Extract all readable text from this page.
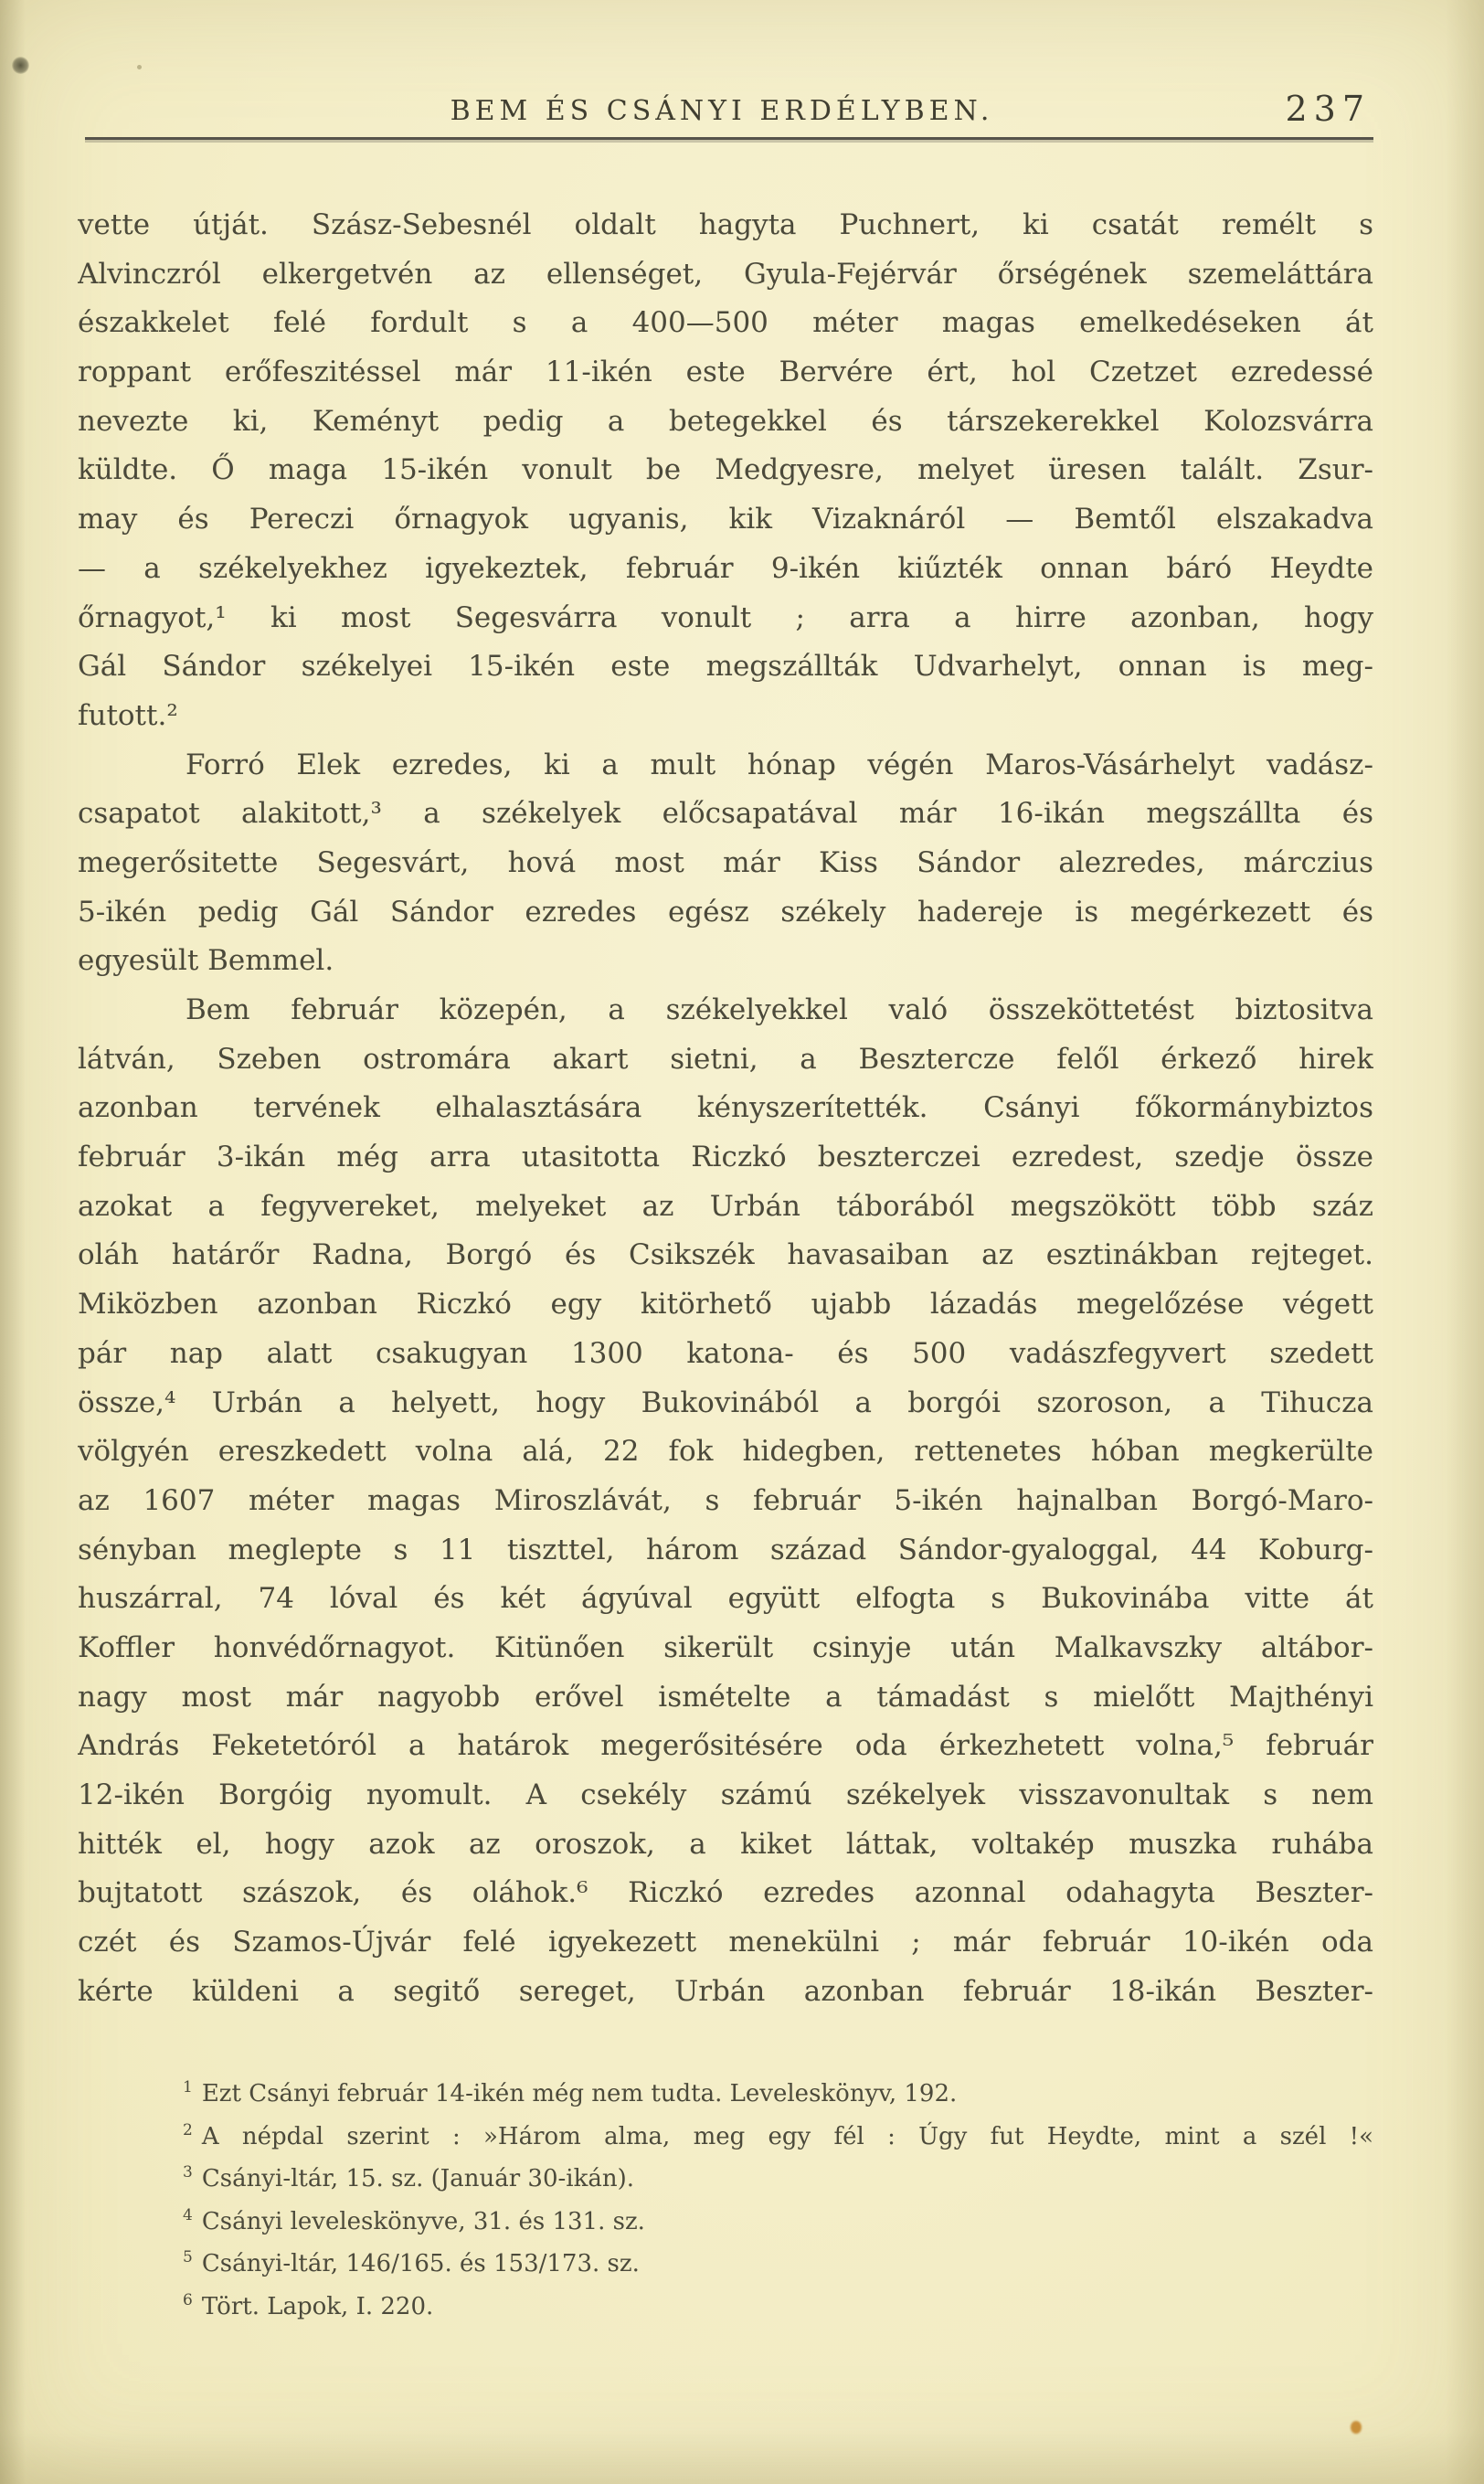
BEM ÉS CSÁNYI ERDÉLYBEN.	237
vette útját. Szász-Sebesnél oldalt hagyta Puchnert, ki csatát remélt s
Alvinczról elkergetvén az ellenséget, Gyula-Fejérvár őrségének szemeláttára
északkelet felé fordult s a 400—500 méter magas emelkedéseken át
roppant erőfeszitéssel már 11-ikén este Bervére ért, hol Czetzet ezredessé
nevezte ki, Keményt pedig a betegekkel és társzekerekkel Kolozsvárra
küldte. Ő maga 15-ikén vonult be Medgyesre, melyet üresen talált. Zsur-
may és Pereczi őrnagyok ugyanis, kik Vizaknáról — Bemtől elszakadva
— a székelyekhez igyekeztek, február 9-ikén kiűzték onnan báró Heydte
őrnagyot,¹ ki most Segesvárra vonult ; arra a hirre azonban, hogy
Gál Sándor székelyei 15-ikén este megszállták Udvarhelyt, onnan is meg-
futott.²
Forró Elek ezredes, ki a mult hónap végén Maros-Vásárhelyt vadász-
csapatot alakitott,³ a székelyek előcsapatával már 16-ikán megszállta és
megerősitette Segesvárt, hová most már Kiss Sándor alezredes, márczius
5-ikén pedig Gál Sándor ezredes egész székely hadereje is megérkezett és
egyesült Bemmel.
Bem február közepén, a székelyekkel való összeköttetést biztositva
látván, Szeben ostromára akart sietni, a Besztercze felől érkező hirek
azonban tervének elhalasztására kényszerítették. Csányi főkormánybiztos
február 3-ikán még arra utasitotta Riczkó beszterczei ezredest, szedje össze
azokat a fegyvereket, melyeket az Urbán táborából megszökött több száz
oláh határőr Radna, Borgó és Csikszék havasaiban az esztinákban rejteget.
Miközben azonban Riczkó egy kitörhető ujabb lázadás megelőzése végett
pár nap alatt csakugyan 1300 katona- és 500 vadászfegyvert szedett
össze,⁴ Urbán a helyett, hogy Bukovinából a borgói szoroson, a Tihucza
völgyén ereszkedett volna alá, 22 fok hidegben, rettenetes hóban megkerülte
az 1607 méter magas Miroszlávát, s február 5-ikén hajnalban Borgó-Maro-
sényban meglepte s 11 tiszttel, három század Sándor-gyaloggal, 44 Koburg-
huszárral, 74 lóval és két ágyúval együtt elfogta s Bukovinába vitte át
Koffler honvédőrnagyot. Kitünően sikerült csinyje után Malkavszky altábor-
nagy most már nagyobb erővel ismételte a támadást s mielőtt Majthényi
András Feketetóról a határok megerősitésére oda érkezhetett volna,⁵ február
12-ikén Borgóig nyomult. A csekély számú székelyek visszavonultak s nem
hitték el, hogy azok az oroszok, a kiket láttak, voltakép muszka ruhába
bujtatott szászok, és oláhok.⁶ Riczkó ezredes azonnal odahagyta Beszter-
czét és Szamos-Újvár felé igyekezett menekülni ; már február 10-ikén oda
kérte küldeni a segitő sereget, Urbán azonban február 18-ikán Beszter-
$^1$ Ezt Csányi február 14-ikén még nem tudta. Leveleskönyv, 192.
$^2$ A népdal szerint : »Három alma, meg egy fél : Úgy fut Heydte, mint a szél !«
$^3$ Csányi-ltár, 15. sz. (Január 30-ikán).
$^4$ Csányi leveleskönyve, 31. és 131. sz.
$^5$ Csányi-ltár, 146/165. és 153/173. sz.
$^6$ Tört. Lapok, I. 220.
